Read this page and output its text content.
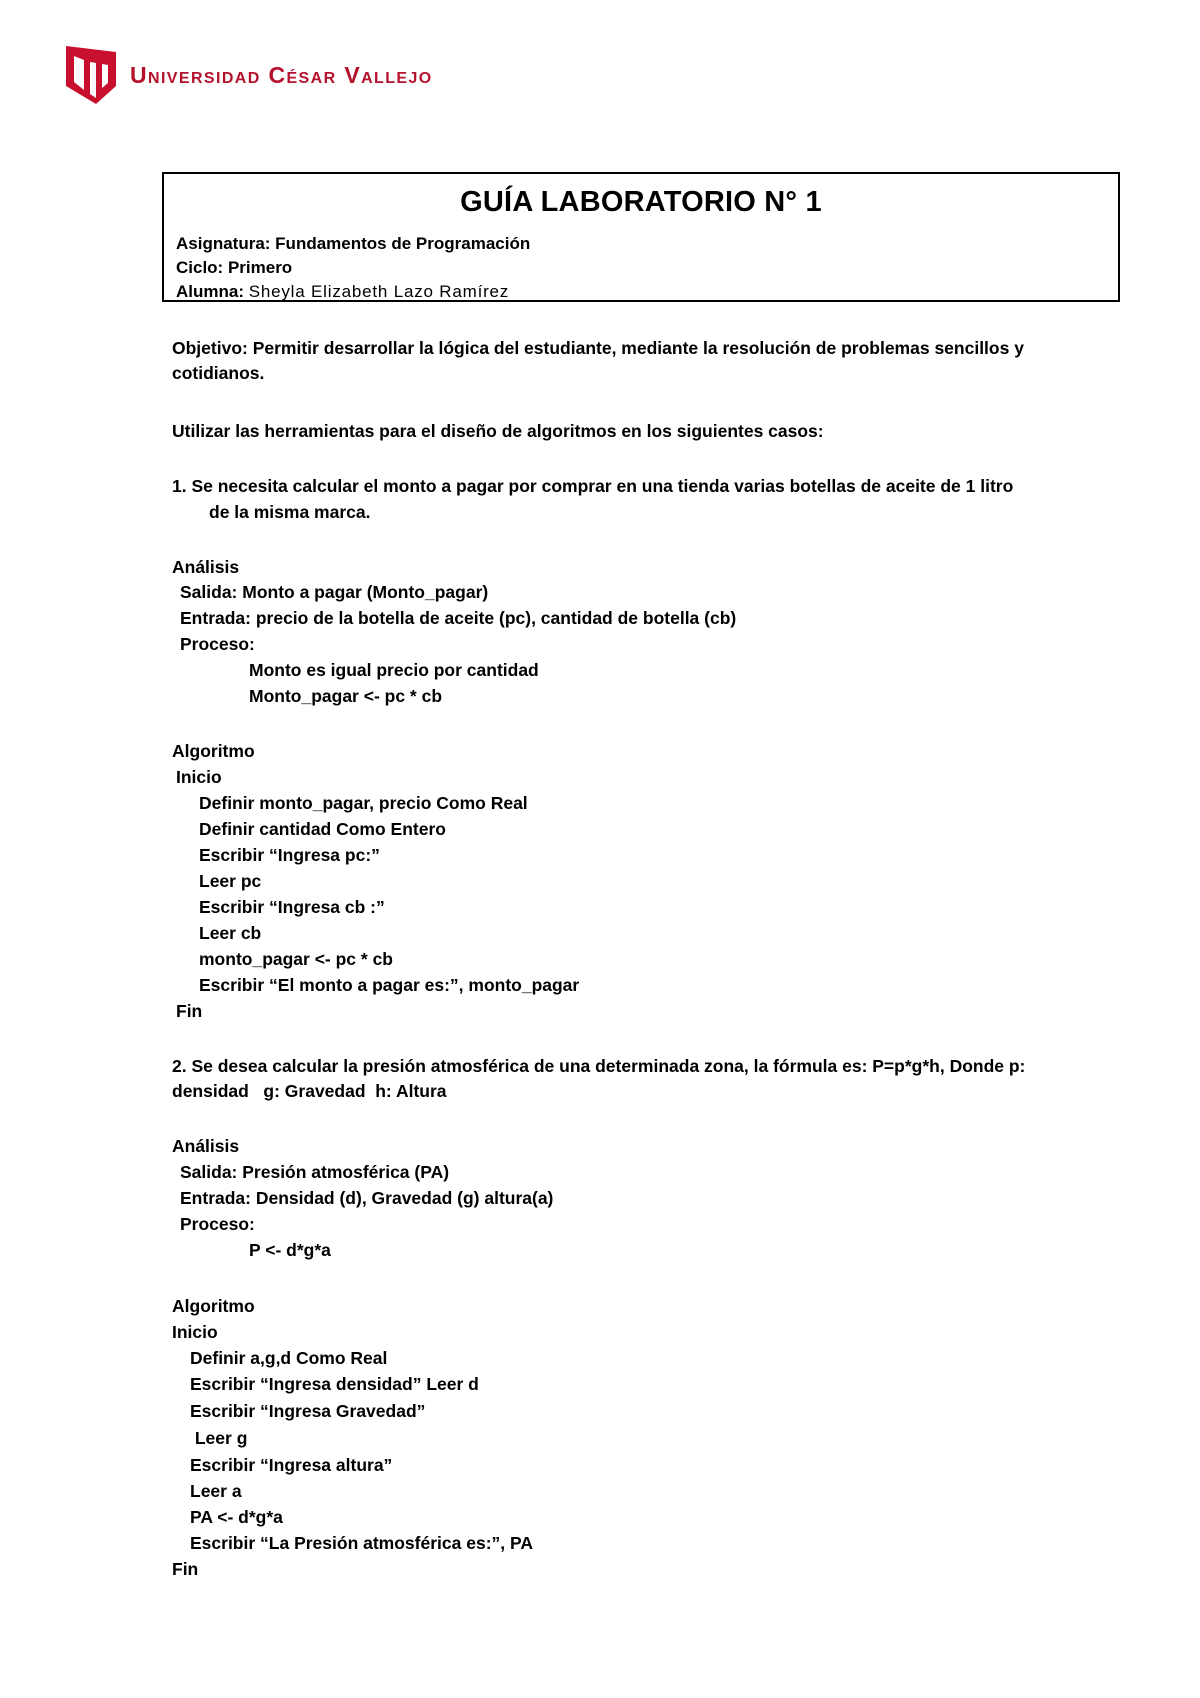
Universidad César Vallejo
GUÍA LABORATORIO N° 1
Asignatura: Fundamentos de Programación
Ciclo: Primero
Alumna: Sheyla Elizabeth Lazo Ramírez
Objetivo: Permitir desarrollar la lógica del estudiante, mediante la resolución de problemas sencillos y
cotidianos.
Utilizar las herramientas para el diseño de algoritmos en los siguientes casos:
1. Se necesita calcular el monto a pagar por comprar en una tienda varias botellas de aceite de 1 litro
de la misma marca.
Análisis
Salida: Monto a pagar (Monto_pagar)
Entrada: precio de la botella de aceite (pc), cantidad de botella (cb)
Proceso:
Monto es igual precio por cantidad
Monto_pagar <- pc * cb
Algoritmo
Inicio
Definir monto_pagar, precio Como Real
Definir cantidad Como Entero
Escribir “Ingresa pc:”
Leer pc
Escribir “Ingresa cb :”
Leer cb
monto_pagar <- pc * cb
Escribir “El monto a pagar es:”, monto_pagar
Fin
2. Se desea calcular la presión atmosférica de una determinada zona, la fórmula es: P=p*g*h, Donde p:
densidad   g: Gravedad  h: Altura
Análisis
Salida: Presión atmosférica (PA)
Entrada: Densidad (d), Gravedad (g) altura(a)
Proceso:
P <- d*g*a
Algoritmo
Inicio
Definir a,g,d Como Real
Escribir “Ingresa densidad” Leer d
Escribir “Ingresa Gravedad”
Leer g
Escribir “Ingresa altura”
Leer a
PA <- d*g*a
Escribir “La Presión atmosférica es:”, PA
Fin
